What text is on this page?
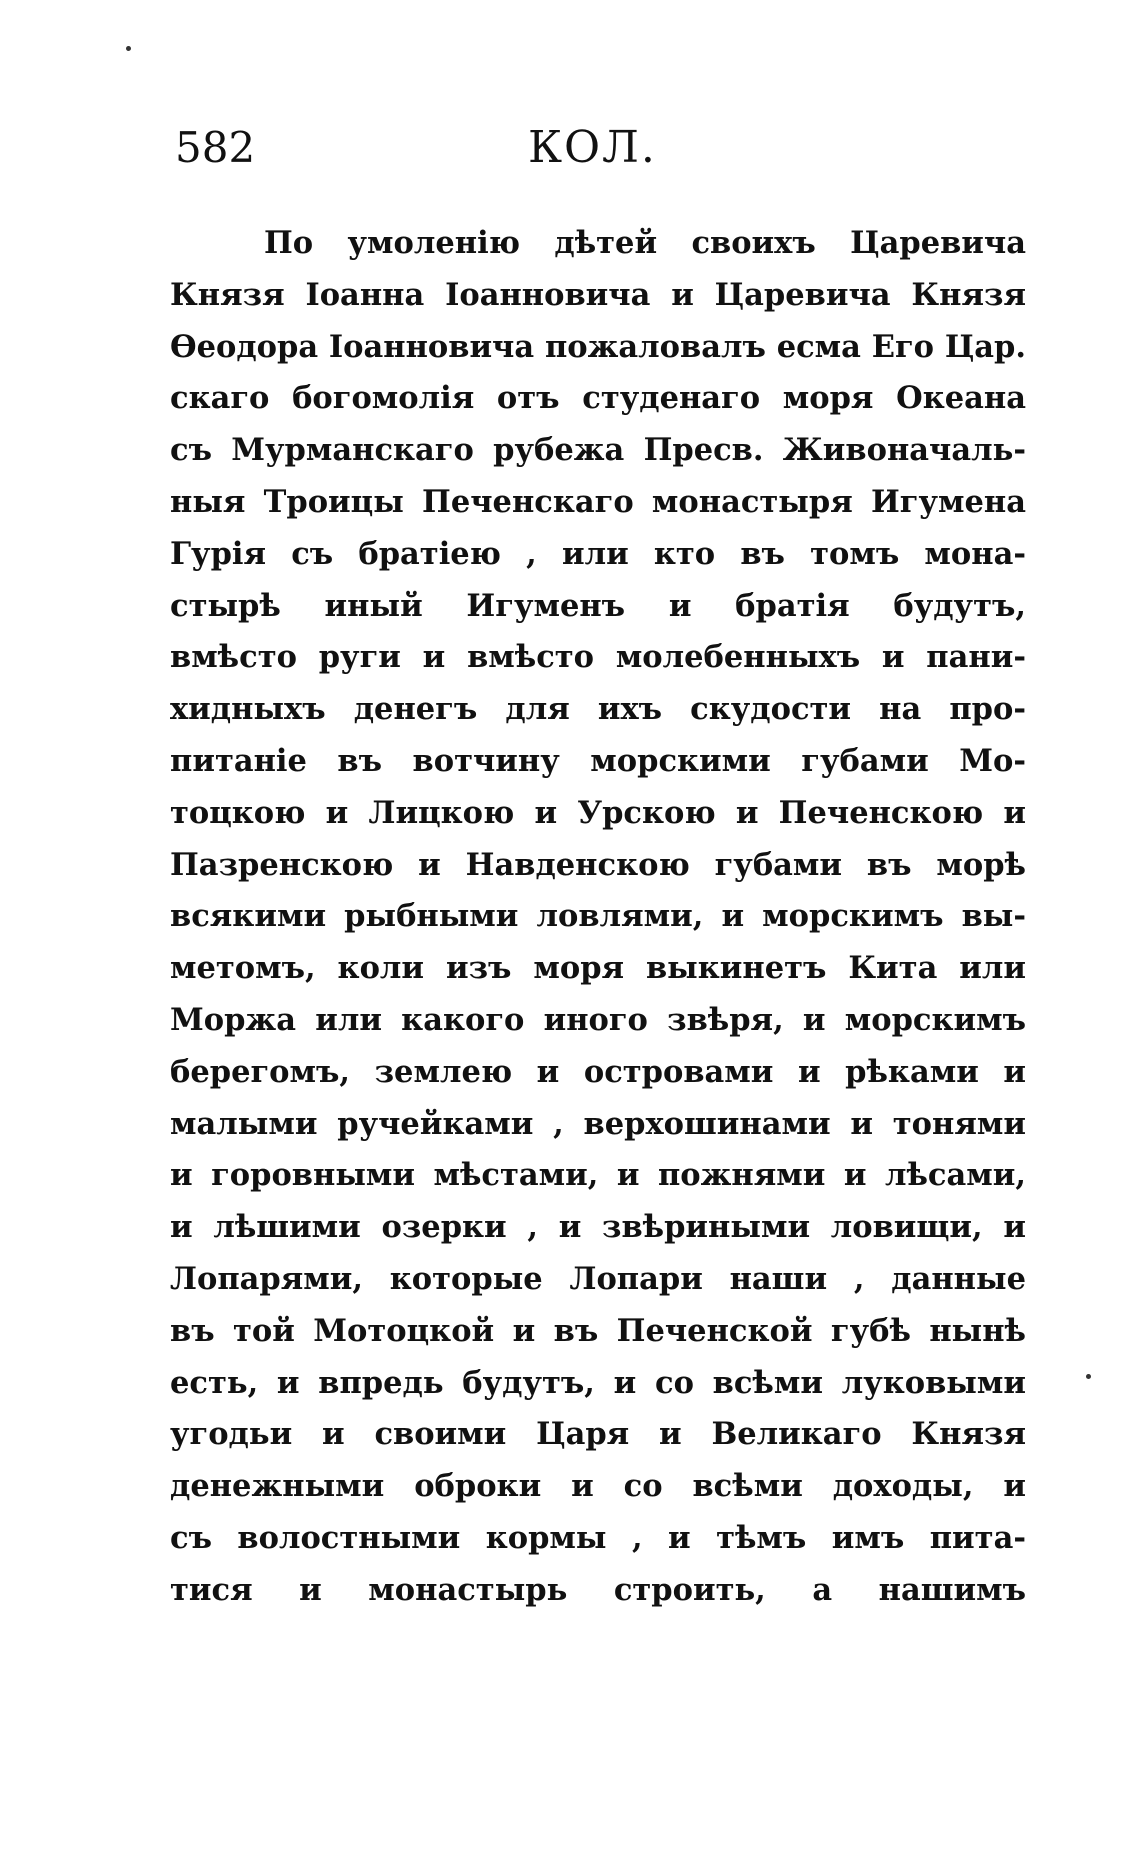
582	КОЛ.
По умоленію дѣтей своихъ Царевича
Князя Іоанна Іоанновича и Царевича Князя
Ѳеодора Іоанновича пожаловалъ есма Его Цар.
скаго богомолія отъ студенаго моря Океана
съ Мурманскаго рубежа Пресв. Живоначаль-
ныя Троицы Печенскаго монастыря Игумена
Гурія съ братіею , или кто въ томъ мона-
стырѣ иный Игуменъ и братія будутъ,
вмѣсто руги и вмѣсто молебенныхъ и пани-
хидныхъ денегъ для ихъ скудости на про-
питаніе въ вотчину морскими губами Мо-
тоцкою и Лицкою и Урскою и Печенскою и
Пазренскою и Навденскою губами въ морѣ
всякими рыбными ловлями, и морскимъ вы-
метомъ, коли изъ моря выкинетъ Кита или
Моржа или какого иного звѣря, и морскимъ
берегомъ, землею и островами и рѣками и
малыми ручейками , верхошинами и тонями
и горовными мѣстами, и пожнями и лѣсами,
и лѣшими озерки , и звѣриными ловищи, и
Лопарями, которые Лопари наши , данные
въ той Мотоцкой и въ Печенской губѣ нынѣ
есть, и впредь будутъ, и со всѣми луковыми
угодьи и своими Царя и Великаго Князя
денежными оброки и со всѣми доходы, и
съ волостными кормы , и тѣмъ имъ пита-
тися и монастырь строить, а нашимъ
